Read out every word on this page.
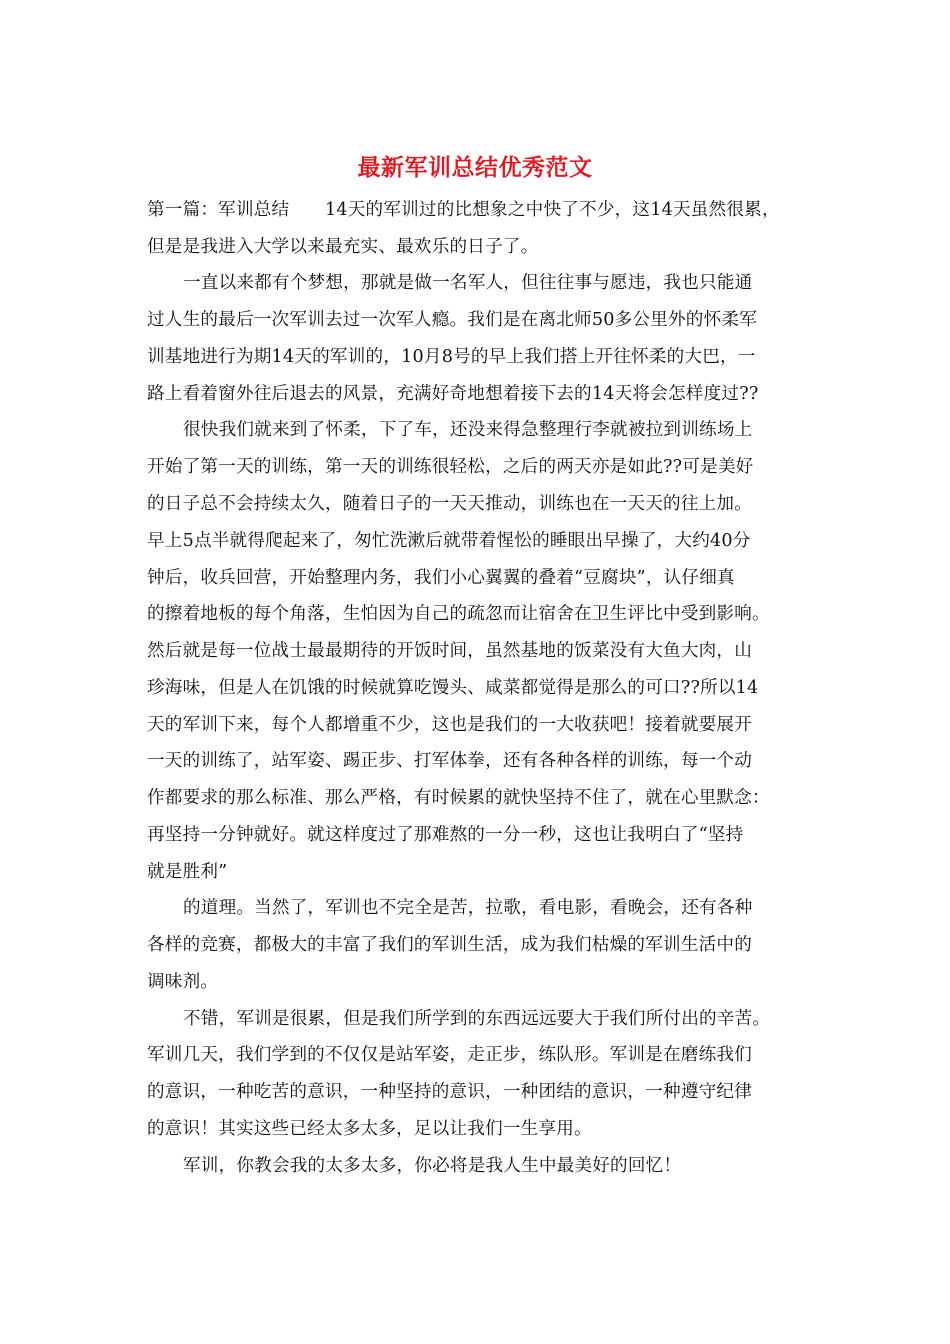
最新军训总结优秀范文
第一篇：军训总结　　14天的军训过的比想象之中快了不少，这14天虽然很累，
但是是我进入大学以来最充实、最欢乐的日子了。
一直以来都有个梦想，那就是做一名军人，但往往事与愿违，我也只能通
过人生的最后一次军训去过一次军人瘾。我们是在离北师50多公里外的怀柔军
训基地进行为期14天的军训的，10月8号的早上我们搭上开往怀柔的大巴，一
路上看着窗外往后退去的风景，充满好奇地想着接下去的14天将会怎样度过??
很快我们就来到了怀柔，下了车，还没来得急整理行李就被拉到训练场上
开始了第一天的训练，第一天的训练很轻松，之后的两天亦是如此??可是美好
的日子总不会持续太久，随着日子的一天天推动，训练也在一天天的往上加。
早上5点半就得爬起来了，匆忙洗漱后就带着惺忪的睡眼出早操了，大约40分
钟后，收兵回营，开始整理内务，我们小心翼翼的叠着“豆腐块”，认仔细真
的擦着地板的每个角落，生怕因为自己的疏忽而让宿舍在卫生评比中受到影响。
然后就是每一位战士最最期待的开饭时间，虽然基地的饭菜没有大鱼大肉，山
珍海味，但是人在饥饿的时候就算吃馒头、咸菜都觉得是那么的可口??所以14
天的军训下来，每个人都增重不少，这也是我们的一大收获吧！接着就要展开
一天的训练了，站军姿、踢正步、打军体拳，还有各种各样的训练，每一个动
作都要求的那么标准、那么严格，有时候累的就快坚持不住了，就在心里默念：
再坚持一分钟就好。就这样度过了那难熬的一分一秒，这也让我明白了“坚持
就是胜利”
的道理。当然了，军训也不完全是苦，拉歌，看电影，看晚会，还有各种
各样的竞赛，都极大的丰富了我们的军训生活，成为我们枯燥的军训生活中的
调味剂。
不错，军训是很累，但是我们所学到的东西远远要大于我们所付出的辛苦。
军训几天，我们学到的不仅仅是站军姿，走正步，练队形。军训是在磨练我们
的意识，一种吃苦的意识，一种坚持的意识，一种团结的意识，一种遵守纪律
的意识！其实这些已经太多太多，足以让我们一生享用。
军训，你教会我的太多太多，你必将是我人生中最美好的回忆！
